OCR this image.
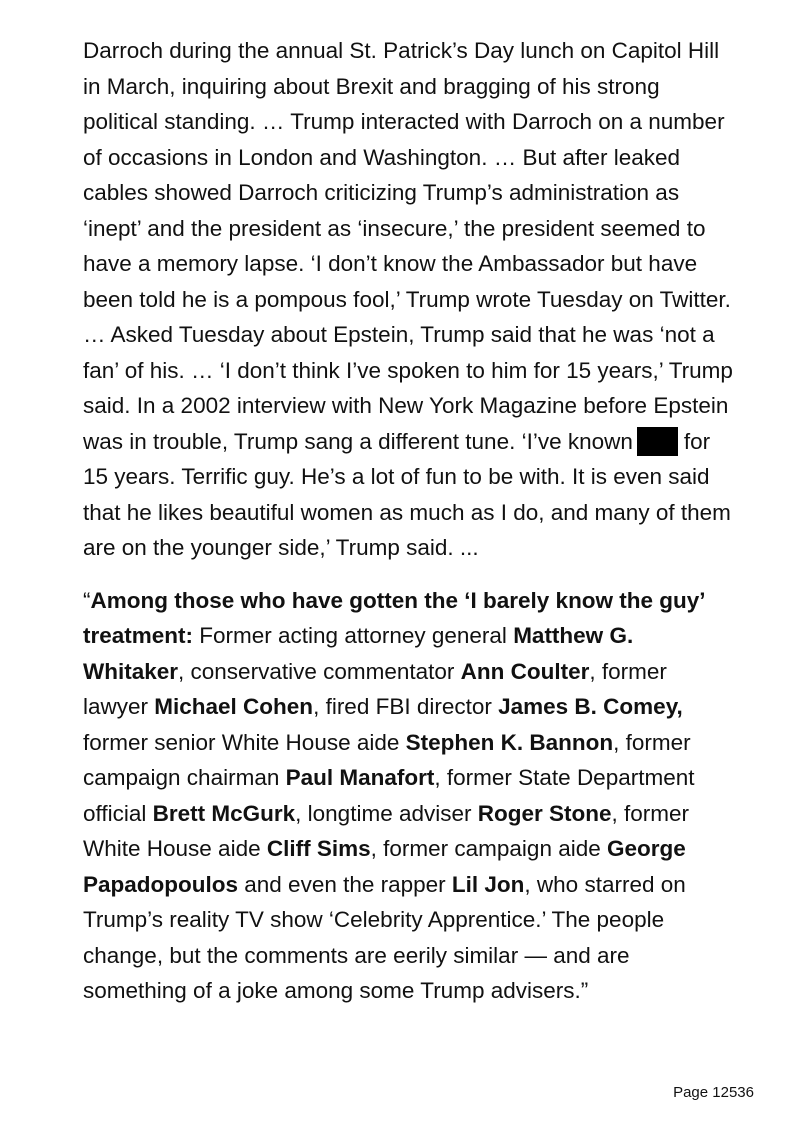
Darroch during the annual St. Patrick’s Day lunch on Capitol Hill in March, inquiring about Brexit and bragging of his strong political standing. … Trump interacted with Darroch on a number of occasions in London and Washington. … But after leaked cables showed Darroch criticizing Trump’s administration as ‘inept’ and the president as ‘insecure,’ the president seemed to have a memory lapse. ‘I don’t know the Ambassador but have been told he is a pompous fool,’ Trump wrote Tuesday on Twitter. … Asked Tuesday about Epstein, Trump said that he was ‘not a fan’ of his. … ‘I don’t think I’ve spoken to him for 15 years,’ Trump said. In a 2002 interview with New York Magazine before Epstein was in trouble, Trump sang a different tune. ‘I’ve known for 15 years. Terrific guy. He’s a lot of fun to be with. It is even said that he likes beautiful women as much as I do, and many of them are on the younger side,’ Trump said. ...

“Among those who have gotten the ‘I barely know the guy’ treatment: Former acting attorney general Matthew G. Whitaker, conservative commentator Ann Coulter, former lawyer Michael Cohen, fired FBI director James B. Comey, former senior White House aide Stephen K. Bannon, former campaign chairman Paul Manafort, former State Department official Brett McGurk, longtime adviser Roger Stone, former White House aide Cliff Sims, former campaign aide George Papadopoulos and even the rapper Lil Jon, who starred on Trump’s reality TV show ‘Celebrity Apprentice.’ The people change, but the comments are eerily similar — and are something of a joke among some Trump advisers.”

Page 12536
